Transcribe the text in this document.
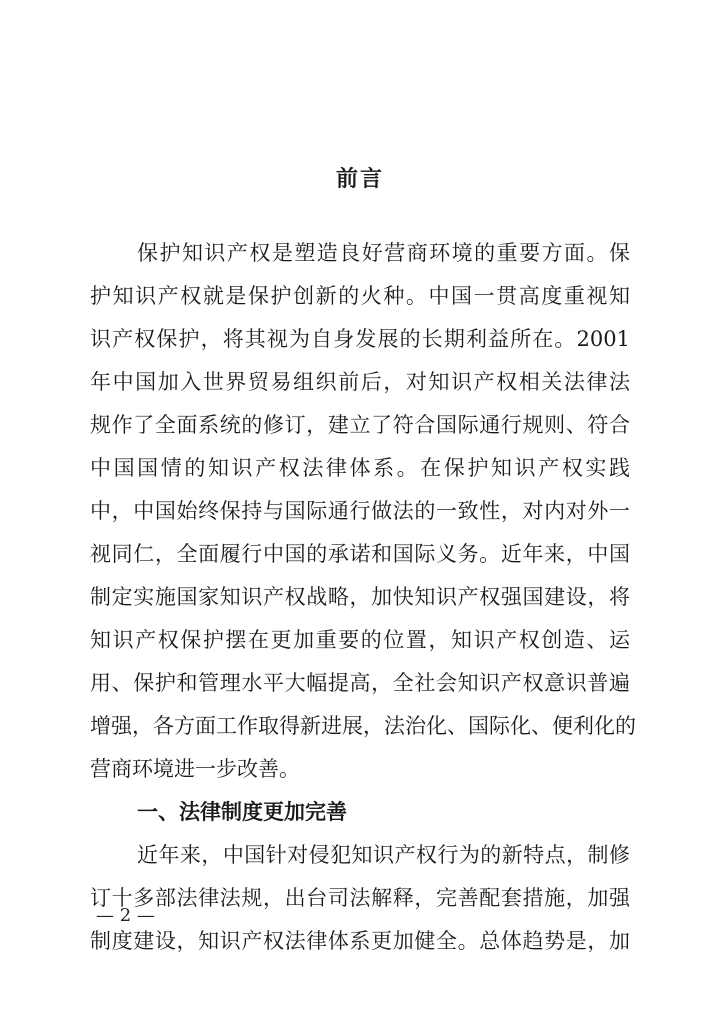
前言
保护知识产权是塑造良好营商环境的重要方面。保
护知识产权就是保护创新的火种。中国一贯高度重视知
识产权保护，将其视为自身发展的长期利益所在。2001
年中国加入世界贸易组织前后，对知识产权相关法律法
规作了全面系统的修订，建立了符合国际通行规则、符合
中国国情的知识产权法律体系。在保护知识产权实践
中，中国始终保持与国际通行做法的一致性，对内对外一
视同仁，全面履行中国的承诺和国际义务。近年来，中国
制定实施国家知识产权战略，加快知识产权强国建设，将
知识产权保护摆在更加重要的位置，知识产权创造、运
用、保护和管理水平大幅提高，全社会知识产权意识普遍
增强，各方面工作取得新进展，法治化、国际化、便利化的
营商环境进一步改善。
一、法律制度更加完善
近年来，中国针对侵犯知识产权行为的新特点，制修
订十多部法律法规，出台司法解释，完善配套措施，加强
制度建设，知识产权法律体系更加健全。总体趋势是，加
— 2 —
